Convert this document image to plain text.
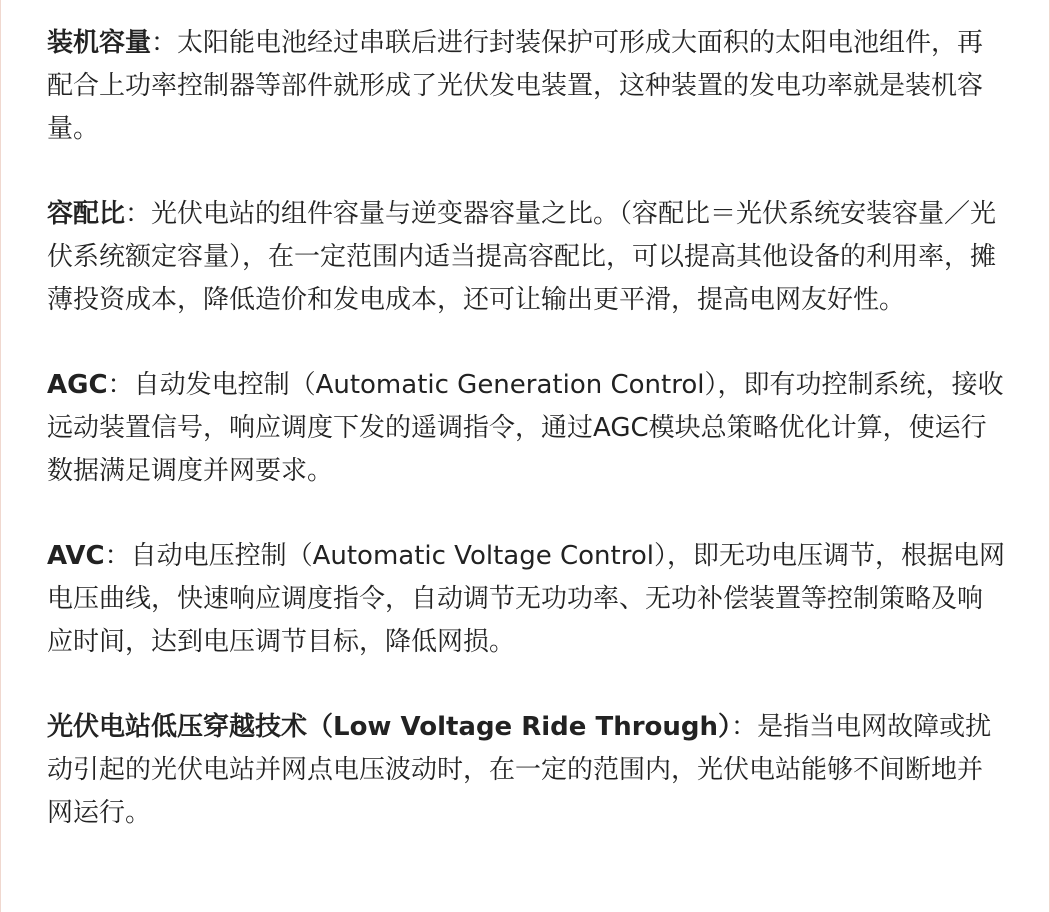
装机容量：太阳能电池经过串联后进行封装保护可形成大面积的太阳电池组件，再配合上功率控制器等部件就形成了光伏发电装置，这种装置的发电功率就是装机容量。

容配比：光伏电站的组件容量与逆变器容量之比。（容配比＝光伏系统安装容量／光伏系统额定容量），在一定范围内适当提高容配比，可以提高其他设备的利用率，摊薄投资成本，降低造价和发电成本，还可让输出更平滑，提高电网友好性。

AGC：自动发电控制（Automatic Generation Control），即有功控制系统，接收远动装置信号，响应调度下发的遥调指令，通过AGC模块总策略优化计算，使运行数据满足调度并网要求。

AVC：自动电压控制（Automatic Voltage Control），即无功电压调节，根据电网电压曲线，快速响应调度指令，自动调节无功功率、无功补偿装置等控制策略及响应时间，达到电压调节目标，降低网损。

光伏电站低压穿越技术（Low Voltage Ride Through）：是指当电网故障或扰动引起的光伏电站并网点电压波动时，在一定的范围内，光伏电站能够不间断地并网运行。
